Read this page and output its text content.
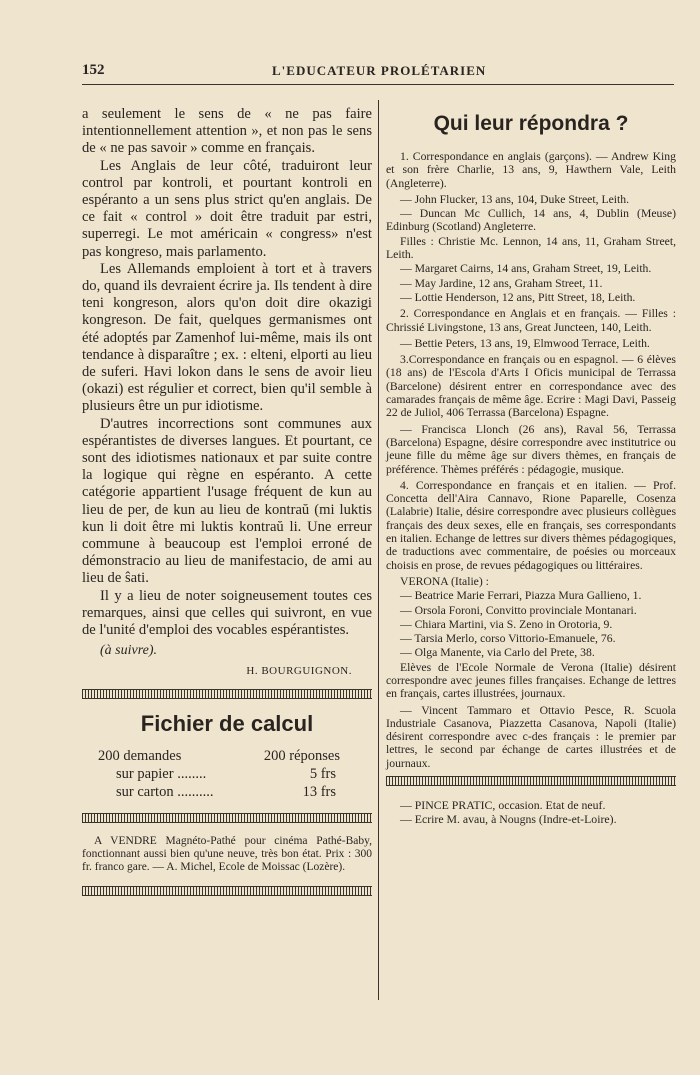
152	L'EDUCATEUR PROLÉTARIEN

a seulement le sens de « ne pas faire intentionnellement attention », et non pas le sens de « ne pas savoir » comme en français.

Les Anglais de leur côté, traduiront leur control par kontroli, et pourtant kontroli en espéranto a un sens plus strict qu'en anglais. De ce fait « control » doit être traduit par estri, superregi. Le mot américain « congress» n'est pas kongreso, mais parlamento.

Les Allemands emploient à tort et à travers do, quand ils devraient écrire ja. Ils tendent à dire teni kongreson, alors qu'on doit dire okazigi kongreson. De fait, quelques germanismes ont été adoptés par Zamenhof lui-même, mais ils ont tendance à disparaître ; ex. : elteni, elporti au lieu de suferi. Havi lokon dans le sens de avoir lieu (okazi) est régulier et correct, bien qu'il semble à plusieurs être un pur idiotisme.

D'autres incorrections sont communes aux espérantistes de diverses langues. Et pourtant, ce sont des idiotismes nationaux et par suite contre la logique qui règne en espéranto. A cette catégorie appartient l'usage fréquent de kun au lieu de per, de kun au lieu de kontraŭ (mi luktis kun li doit être mi luktis kontraŭ li. Une erreur commune à beaucoup est l'emploi erroné de démonstracio au lieu de manifestacio, de ami au lieu de ŝati.

Il y a lieu de noter soigneusement toutes ces remarques, ainsi que celles qui suivront, en vue de l'unité d'emploi des vocables espérantistes.

(à suivre).
H. BOURGUIGNON.
Fichier de calcul
200 demandes	200 réponses
sur papier ........	5 frs
sur carton ..........	13 frs
A VENDRE Magnéto-Pathé pour cinéma Pathé-Baby, fonctionnant aussi bien qu'une neuve, très bon état. Prix : 300 fr. franco gare. — A. Michel, Ecole de Moissac (Lozère).
Qui leur répondra ?

1. Correspondance en anglais (garçons). — Andrew King et son frère Charlie, 13 ans, 9, Hawthern Vale, Leith (Angleterre).

— John Flucker, 13 ans, 104, Duke Street, Leith.

— Duncan Mc Cullich, 14 ans, 4, Dublin (Meuse) Edinburg (Scotland) Angleterre.

Filles : Christie Mc. Lennon, 14 ans, 11, Graham Street, Leith.

— Margaret Cairns, 14 ans, Graham Street, 19, Leith.

— May Jardine, 12 ans, Graham Street, 11.

— Lottie Henderson, 12 ans, Pitt Street, 18, Leith.

2. Correspondance en Anglais et en français. — Filles : Chrissié Livingstone, 13 ans, Great Juncteen, 140, Leith.

— Bettie Peters, 13 ans, 19, Elmwood Terrace, Leith.

3.Correspondance en français ou en espagnol. — 6 élèves (18 ans) de l'Escola d'Arts I Oficis municipal de Terrassa (Barcelone) désirent entrer en correspondance avec des camarades français de même âge. Ecrire : Magi Davi, Passeig 22 de Juliol, 406 Terrassa (Barcelona) Espagne.

— Francisca Llonch (26 ans), Raval 56, Terrassa (Barcelona) Espagne, désire correspondre avec institutrice ou jeune fille du même âge sur divers thèmes, en français de préférence. Thèmes préférés : pédagogie, musique.

4. Correspondance en français et en italien. — Prof. Concetta dell'Aira Cannavo, Rione Paparelle, Cosenza (Lalabrie) Italie, désire correspondre avec plusieurs collègues français des deux sexes, elle en français, ses correspondants en italien. Echange de lettres sur divers thèmes pédagogiques, de traductions avec commentaire, de poésies ou morceaux choisis en prose, de revues pédagogiques ou littéraires.

VERONA (Italie) :

— Beatrice Marie Ferrari, Piazza Mura Gallieno, 1.

— Orsola Foroni, Convitto provinciale Montanari.

— Chiara Martini, via S. Zeno in Orotoria, 9.

— Tarsia Merlo, corso Vittorio-Emanuele, 76.

— Olga Manente, via Carlo del Prete, 38.

Elèves de l'Ecole Normale de Verona (Italie) désirent correspondre avec jeunes filles françaises. Echange de lettres en français, cartes illustrées, journaux.

— Vincent Tammaro et Ottavio Pesce, R. Scuola Industriale Casanova, Piazzetta Casanova, Napoli (Italie) désirent correspondre avec c-des français : le premier par lettres, le second par échange de cartes illustrées et de journaux.

— PINCE PRATIC, occasion. Etat de neuf.

— Ecrire M. avau, à Nougns (Indre-et-Loire).
